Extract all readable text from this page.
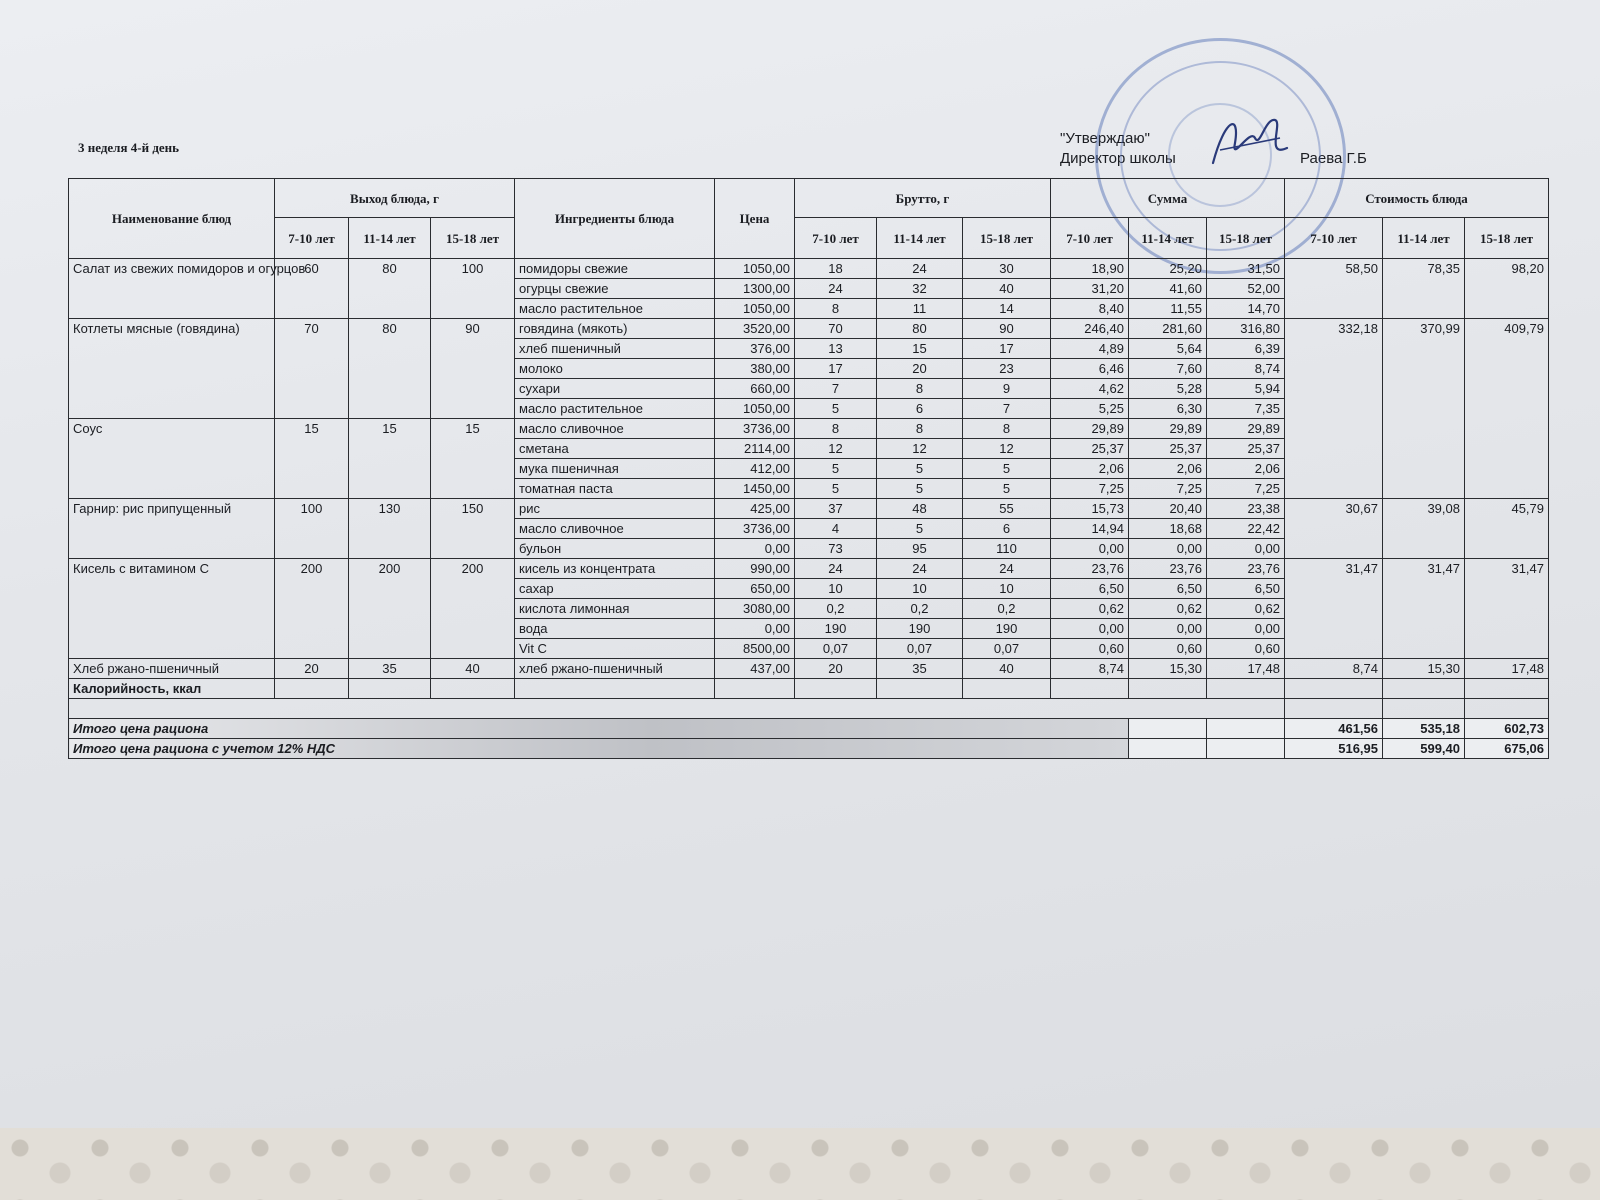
3 неделя 4-й день
"Утверждаю"
Директор школы	Раева Г.Б
Наименование блюд	Выход блюда, г			Ингредиенты блюда	Цена	Брутто, г			Сумма			Стоимость блюда		
	7-10 лет	11-14 лет	15-18 лет			7-10 лет	11-14 лет	15-18 лет	7-10 лет	11-14 лет	15-18 лет	7-10 лет	11-14 лет	15-18 лет
Салат из свежих помидоров и огурцов	60	80	100	помидоры свежие	1050,00	18	24	30	18,90	25,20	31,50	58,50	78,35	98,20
				огурцы свежие	1300,00	24	32	40	31,20	41,60	52,00			
				масло растительное	1050,00	8	11	14	8,40	11,55	14,70			
Котлеты мясные (говядина)	70	80	90	говядина (мякоть)	3520,00	70	80	90	246,40	281,60	316,80	332,18	370,99	409,79
				хлеб пшеничный	376,00	13	15	17	4,89	5,64	6,39			
				молоко	380,00	17	20	23	6,46	7,60	8,74			
				сухари	660,00	7	8	9	4,62	5,28	5,94			
				масло растительное	1050,00	5	6	7	5,25	6,30	7,35			
Соус	15	15	15	масло сливочное	3736,00	8	8	8	29,89	29,89	29,89			
				сметана	2114,00	12	12	12	25,37	25,37	25,37			
				мука пшеничная	412,00	5	5	5	2,06	2,06	2,06			
				томатная паста	1450,00	5	5	5	7,25	7,25	7,25			
Гарнир: рис припущенный	100	130	150	рис	425,00	37	48	55	15,73	20,40	23,38	30,67	39,08	45,79
				масло сливочное	3736,00	4	5	6	14,94	18,68	22,42			
				бульон	0,00	73	95	110	0,00	0,00	0,00			
Кисель с витамином С	200	200	200	кисель из концентрата	990,00	24	24	24	23,76	23,76	23,76	31,47	31,47	31,47
				сахар	650,00	10	10	10	6,50	6,50	6,50			
				кислота лимонная	3080,00	0,2	0,2	0,2	0,62	0,62	0,62			
				вода	0,00	190	190	190	0,00	0,00	0,00			
				Vit C	8500,00	0,07	0,07	0,07	0,60	0,60	0,60			
Хлеб ржано-пшеничный	20	35	40	хлеб ржано-пшеничный	437,00	20	35	40	8,74	15,30	17,48	8,74	15,30	17,48
Калорийность, ккал														

Итого цена рациона												461,56	535,18	602,73
Итого цена рациона с учетом 12% НДС												516,95	599,40	675,06
